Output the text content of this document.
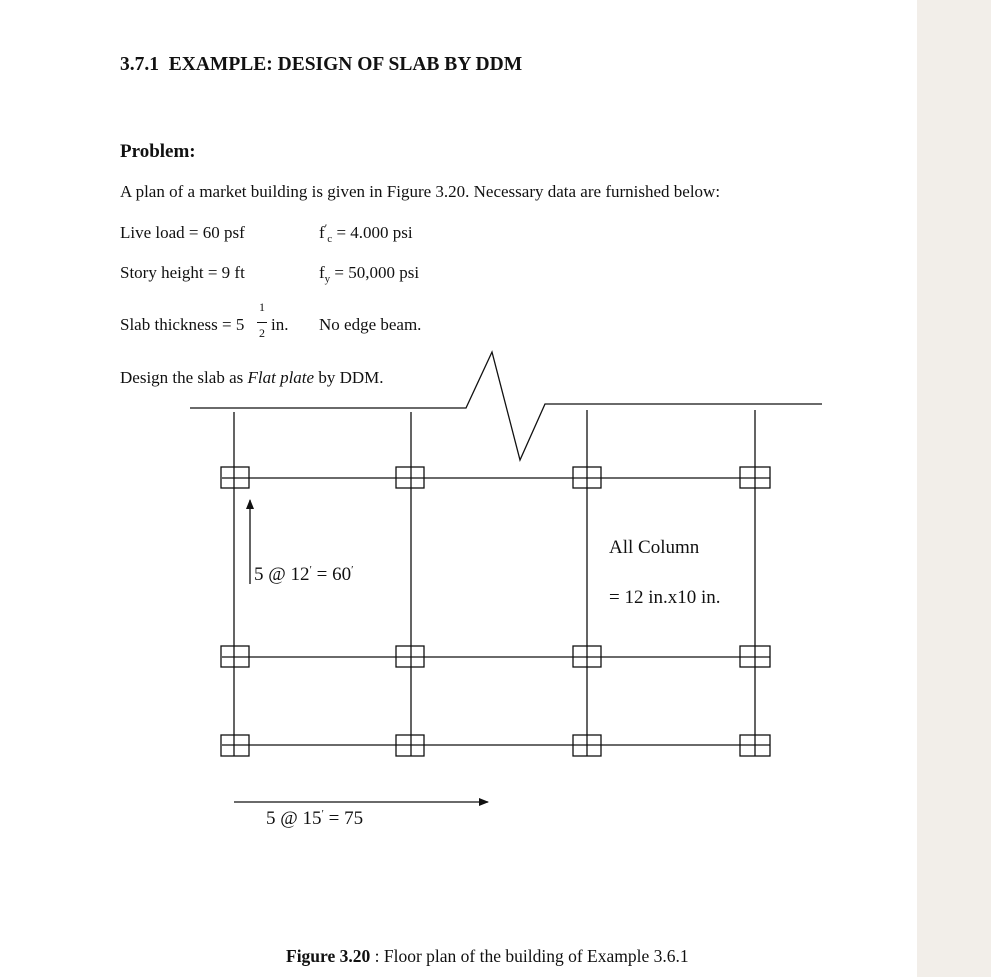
3.7.1 EXAMPLE: DESIGN OF SLAB BY DDM
Problem:
A plan of a market building is given in Figure 3.20. Necessary data are furnished below:
Live load = 60 psf	$f'_c = 4.000$ psi
Story height = 9 ft	$f_y = 50,000$ psi
Slab thickness = 5
1
2 in. No edge beam.
Design the slab as Flat plate by DDM.
5 @ 12′ = 60′
5 @ 15′ = 75
All Column
= 12 in.x10 in.
Figure 3.20 : Floor plan of the building of Example 3.6.1
